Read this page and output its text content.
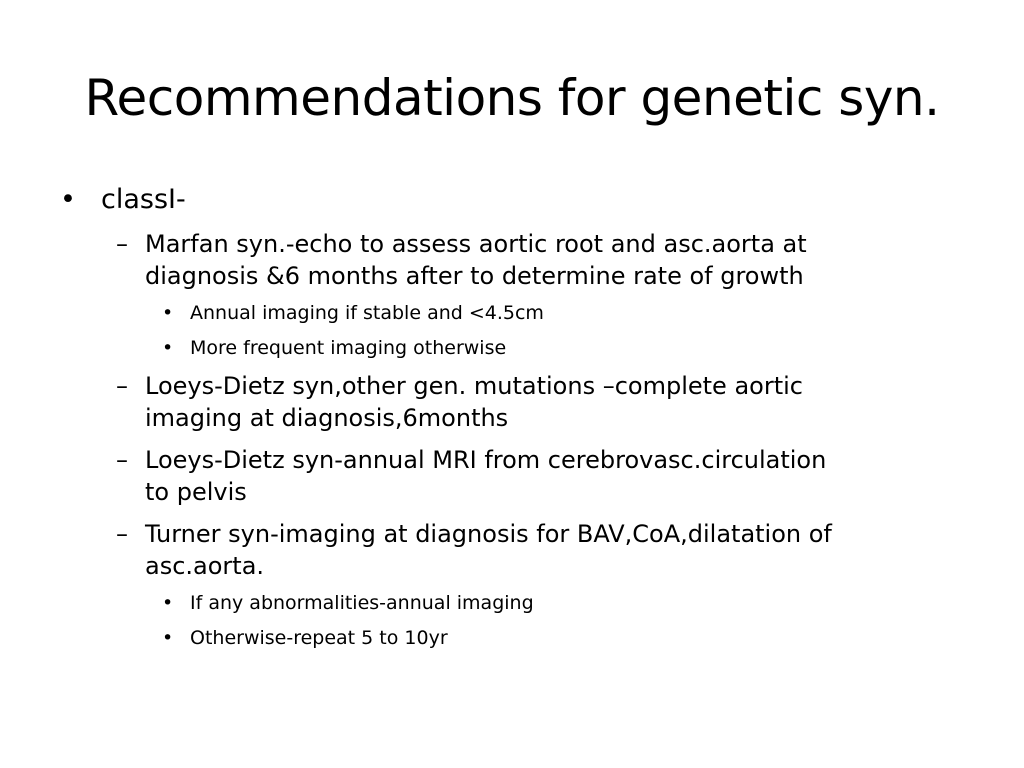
Recommendations for genetic syn.
• classI-
– Marfan syn.-echo to assess aortic root and asc.aorta at
diagnosis &6 months after to determine rate of growth
• Annual imaging if stable and <4.5cm
• More frequent imaging otherwise
– Loeys-Dietz syn,other gen. mutations –complete aortic
imaging at diagnosis,6months
– Loeys-Dietz syn-annual MRI from cerebrovasc.circulation
to pelvis
– Turner syn-imaging at diagnosis for BAV,CoA,dilatation of
asc.aorta.
• If any abnormalities-annual imaging
• Otherwise-repeat 5 to 10yr
